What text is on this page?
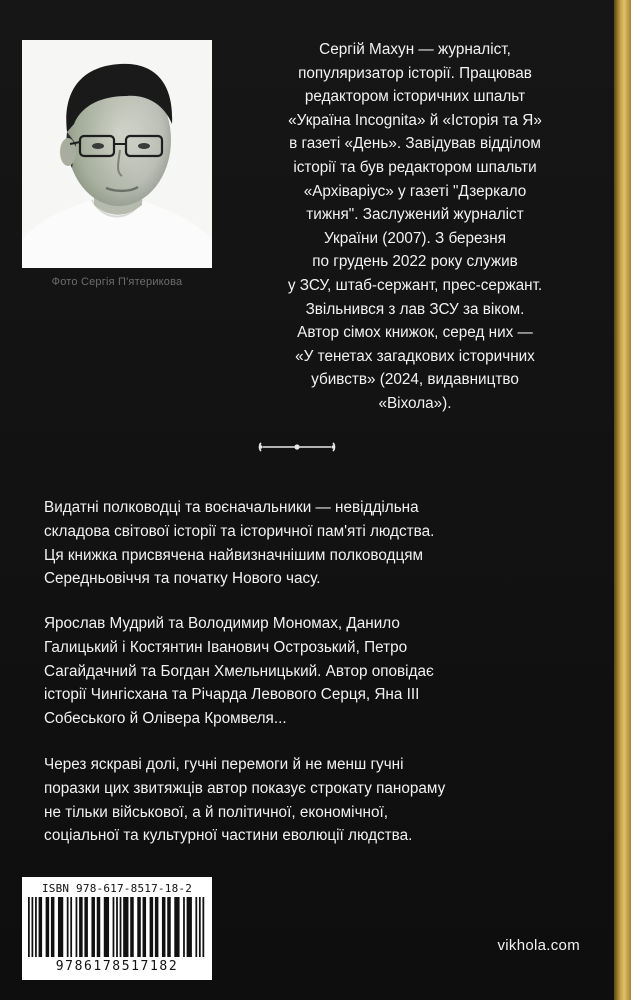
Фото Сергія П'ятерикова

Сергій Махун — журналіст,
популяризатор історії. Працював
редактором історичних шпальт
«Україна Incognita» й «Історія та Я»
в газеті «День». Завідував відділом
історії та був редактором шпальти
«Архіваріус» у газеті "Дзеркало
тижня". Заслужений журналіст
України (2007). З березня
по грудень 2022 року служив
у ЗСУ, штаб-сержант, прес-сержант.
Звільнився з лав ЗСУ за віком.
Автор сімох книжок, серед них —
«У тенетах загадкових історичних
убивств» (2024, видавництво
«Віхола»).

Видатні полководці та воєначальники — невіддільна
складова світової історії та історичної пам'яті людства.
Ця книжка присвячена найвизначнішим полководцям
Середньовіччя та початку Нового часу.

Ярослав Мудрий та Володимир Мономах, Данило
Галицький і Костянтин Іванович Острозький, Петро
Сагайдачний та Богдан Хмельницький. Автор оповідає
історії Чингісхана та Річарда Левового Серця, Яна ІІІ
Собеського й Олівера Кромвеля...

Через яскраві долі, гучні перемоги й не менш гучні
поразки цих звитяжців автор показує строкату панораму
не тільки військової, а й політичної, економічної,
соціальної та культурної частини еволюції людства.

ISBN 978-617-8517-18-2
9786178517182
vikhola.com
